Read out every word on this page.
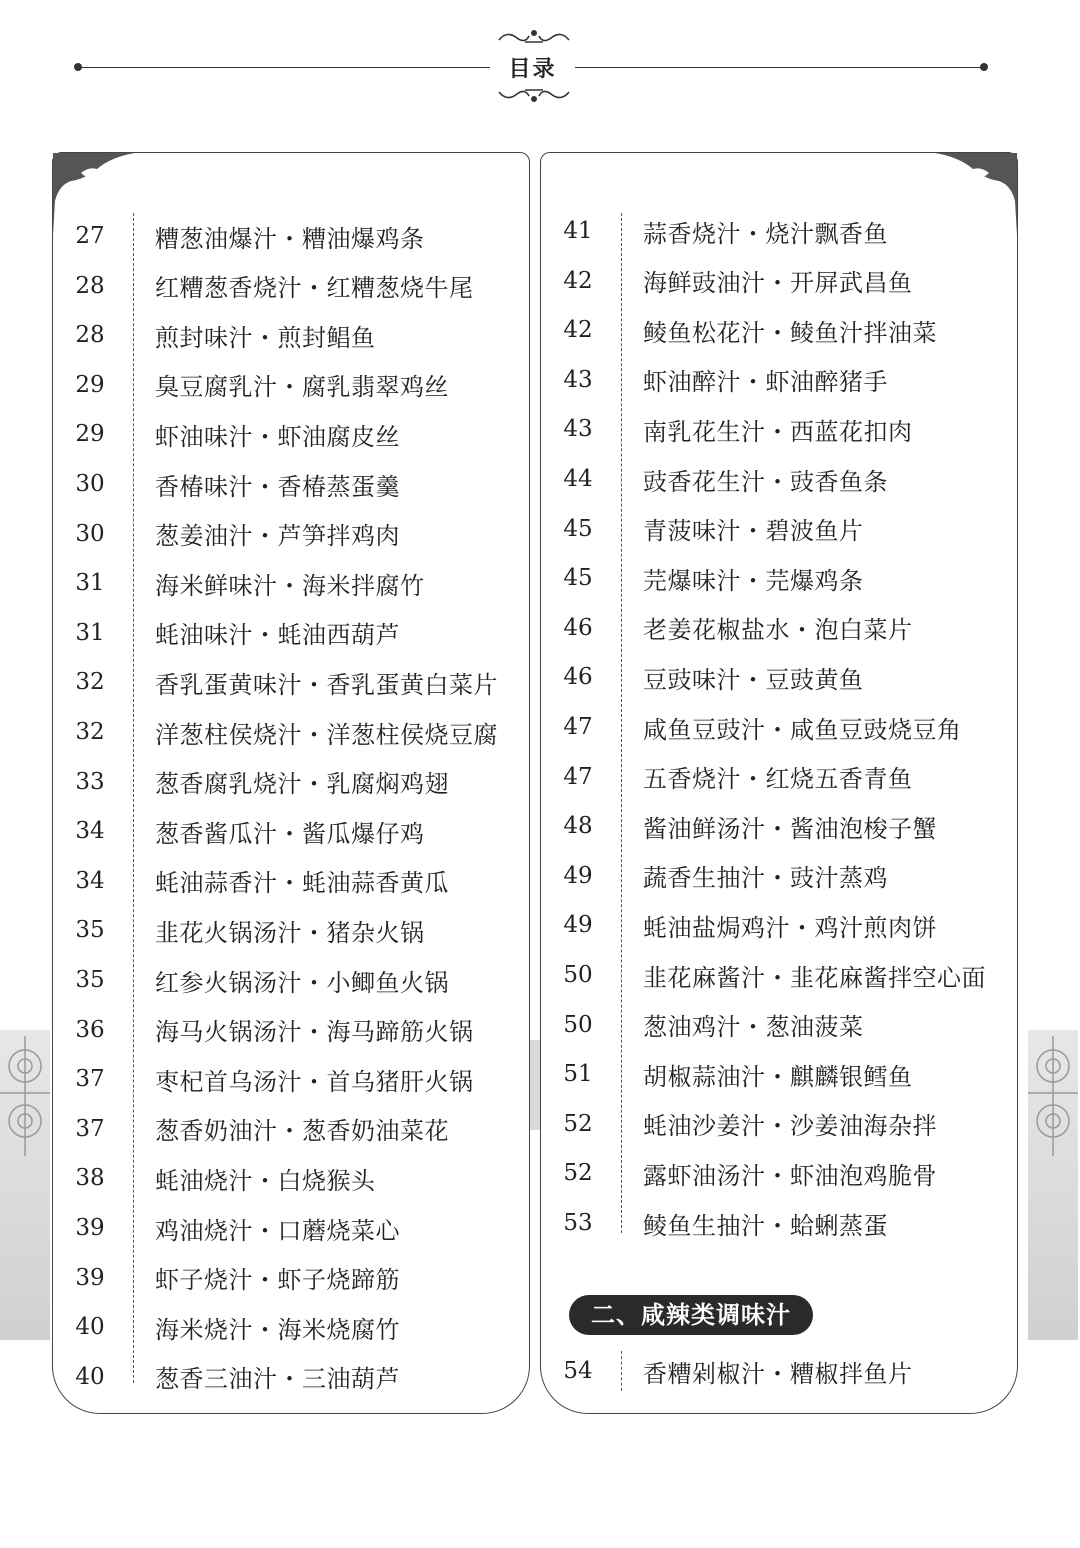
目录
27	糟葱油爆汁・糟油爆鸡条
28	红糟葱香烧汁・红糟葱烧牛尾
28	煎封味汁・煎封鲳鱼
29	臭豆腐乳汁・腐乳翡翠鸡丝
29	虾油味汁・虾油腐皮丝
30	香椿味汁・香椿蒸蛋羹
30	葱姜油汁・芦笋拌鸡肉
31	海米鲜味汁・海米拌腐竹
31	蚝油味汁・蚝油西葫芦
32	香乳蛋黄味汁・香乳蛋黄白菜片
32	洋葱柱侯烧汁・洋葱柱侯烧豆腐
33	葱香腐乳烧汁・乳腐焖鸡翅
34	葱香酱瓜汁・酱瓜爆仔鸡
34	蚝油蒜香汁・蚝油蒜香黄瓜
35	韭花火锅汤汁・猪杂火锅
35	红参火锅汤汁・小鲫鱼火锅
36	海马火锅汤汁・海马蹄筋火锅
37	枣杞首乌汤汁・首乌猪肝火锅
37	葱香奶油汁・葱香奶油菜花
38	蚝油烧汁・白烧猴头
39	鸡油烧汁・口蘑烧菜心
39	虾子烧汁・虾子烧蹄筋
40	海米烧汁・海米烧腐竹
40	葱香三油汁・三油葫芦
41	蒜香烧汁・烧汁飘香鱼
42	海鲜豉油汁・开屏武昌鱼
42	鲮鱼松花汁・鲮鱼汁拌油菜
43	虾油醉汁・虾油醉猪手
43	南乳花生汁・西蓝花扣肉
44	豉香花生汁・豉香鱼条
45	青菠味汁・碧波鱼片
45	芫爆味汁・芫爆鸡条
46	老姜花椒盐水・泡白菜片
46	豆豉味汁・豆豉黄鱼
47	咸鱼豆豉汁・咸鱼豆豉烧豆角
47	五香烧汁・红烧五香青鱼
48	酱油鲜汤汁・酱油泡梭子蟹
49	蔬香生抽汁・豉汁蒸鸡
49	蚝油盐焗鸡汁・鸡汁煎肉饼
50	韭花麻酱汁・韭花麻酱拌空心面
50	葱油鸡汁・葱油菠菜
51	胡椒蒜油汁・麒麟银鳕鱼
52	蚝油沙姜汁・沙姜油海杂拌
52	露虾油汤汁・虾油泡鸡脆骨
53	鲮鱼生抽汁・蛤蜊蒸蛋
二、咸辣类调味汁
54	香糟剁椒汁・糟椒拌鱼片
